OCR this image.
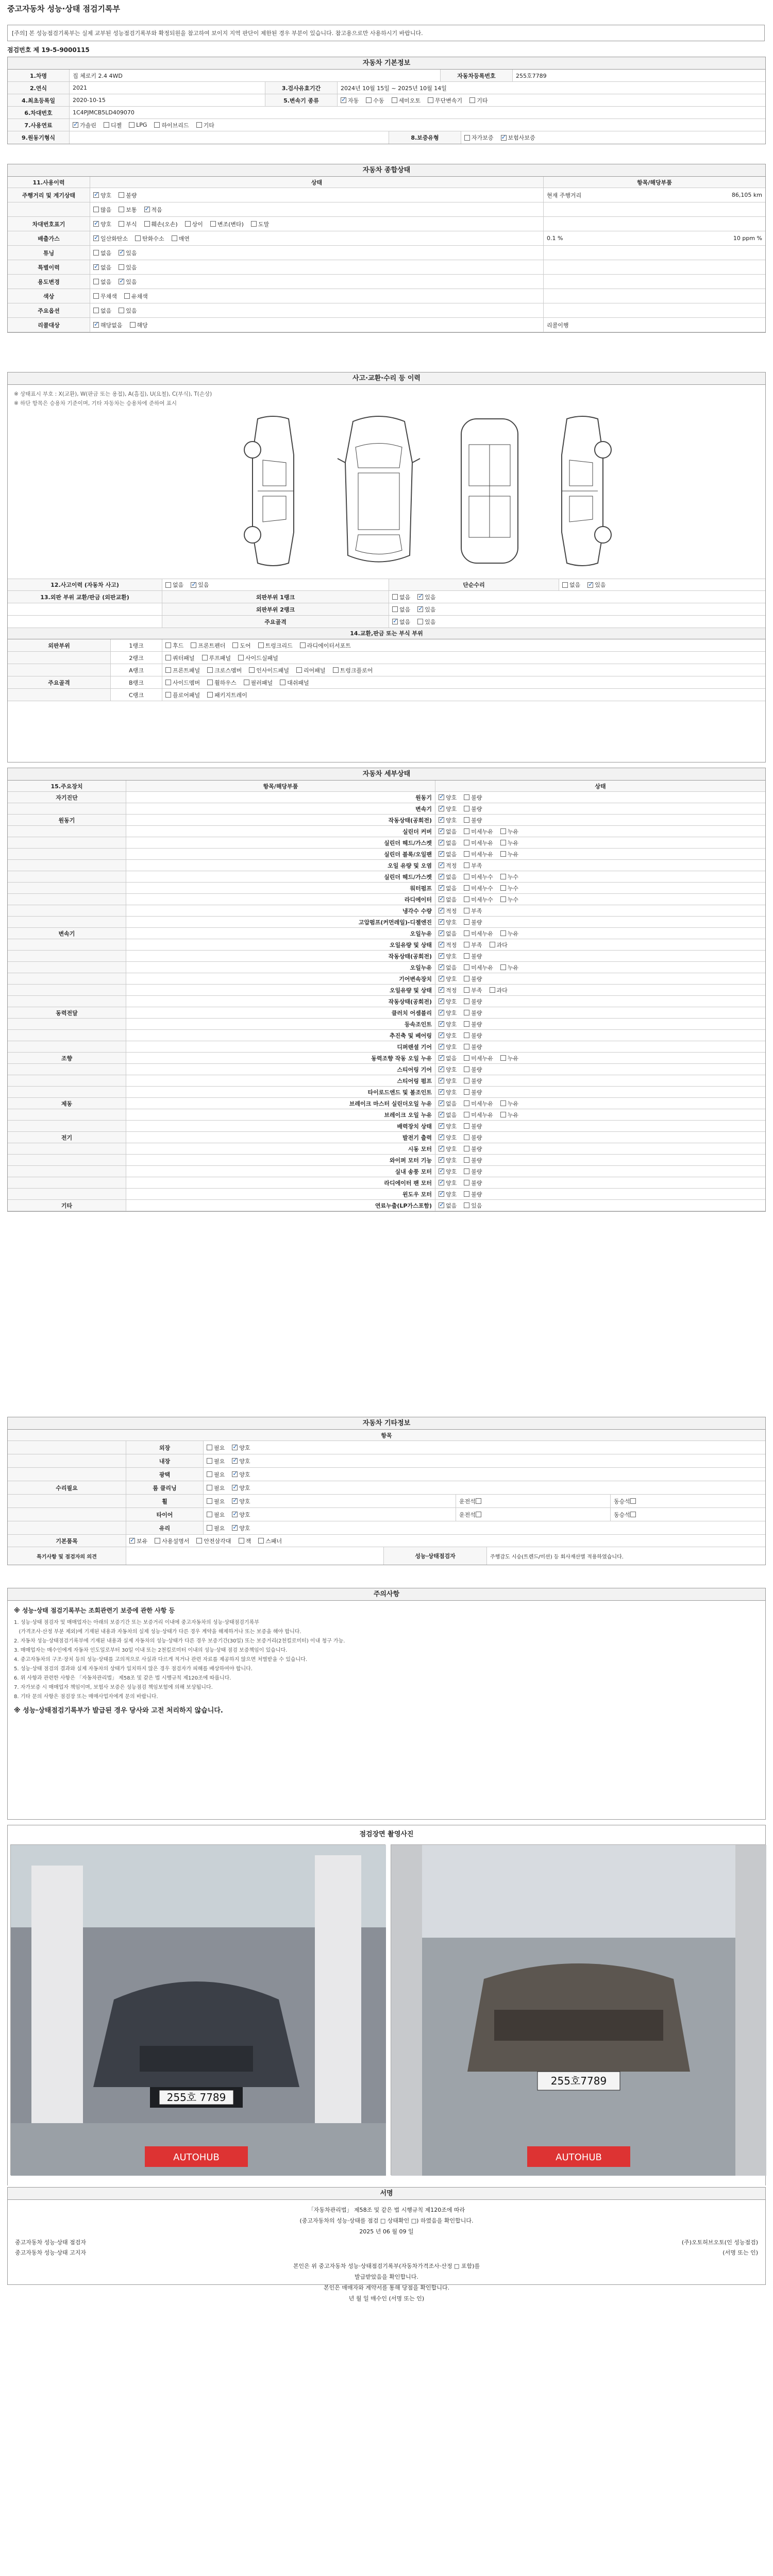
중고자동차 성능·상태 점검기록부
[주의] 본 성능점검기록부는 실제 교부된 성능점검기록부와 확정되원을 참고하여 보이지 지역 판단이 제한된 경우 부분이 있습니다. 참고용으로만 사용하시기 바랍니다.
점검번호 제 19-5-9000115
자동차 기본정보
1.차명	집 체로키 2.4 4WD	자동차등록번호	255호7789
2.연식	2021	3.검사유효기간	2024년 10월 15일 ~ 2025년 10월 14일
4.최초등록일	2020-10-15	5.변속기 종류 ✓	자동	수동	세미오토	무단변속기	기타
6.차대번호	1C4PJMCB5LD409070
7.사용연료 ✓	가솔린	디젤	LPG	하이브리드	기타
9.원동기형식	8.보증유형	자가보증 ✓	보험사보증
자동차 종합상태
11.사용이력	상태	항목/해당부품
주행거리 및 계기상태 ✓	양호	불량	현재 주행거리	86,105 km
많음	보통 ✓	적음
차대번호표기 ✓	양호	부식	훼손(오손)	상이	변조(변타)	도말
배출가스 ✓	일산화탄소	탄화수소	매연	0.1 %	10 ppm %
튜닝	없음 ✓	있음
특별이력 ✓	없음	있음
용도변경	없음 ✓	있음
색상	무채색	유채색
주요옵션	없음	있음
리콜대상 ✓	해당없음	해당	리콜이행
사고·교환·수리 등 이력
※ 상태표시 부호 : X(교환), W(판금 또는 용접), A(흠집), U(요철), C(부식), T(손상)
※ 하단 항목은 승용차 기준이며, 기타 자동차는 승용차에 준하여 표시
12.사고이력 (자동차 사고)	없음 ✓	있음	단순수리	없음 ✓	있음
13.외판 부위 교환/판금 (외판교환)	외판부위 1랭크	없음 ✓	있음
외판부위 2랭크	없음 ✓	있음
주요골격 ✓	없음	있음
14.교환,판금 또는 부식 부위
외판부위	1랭크	후드	프론트펜더	도어	트렁크리드	라디에이터서포트
2랭크	쿼터패널	루프패널	사이드실패널
A랭크	프론트패널	크로스멤버	인사이드패널	리어패널	트렁크플로어
주요골격	B랭크	사이드멤버	휠하우스	필러패널	대쉬패널
C랭크	플로어패널	패키지트레이
자동차 세부상태
15.주요장치	항목/해당부품	상태
자기진단	원동기 ✓	양호	불량
변속기 ✓	양호	불량
원동기	작동상태(공회전) ✓	양호	불량
실린더 커버 ✓	없음	미세누유	누유
실린더 헤드/가스켓 ✓	없음	미세누유	누유
실린더 블록/오일팬 ✓	없음	미세누유	누유
오일 유량 및 오염 ✓	적정	부족
실린더 헤드/가스켓 ✓	없음	미세누수	누수
워터펌프 ✓	없음	미세누수	누수
라디에이터 ✓	없음	미세누수	누수
냉각수 수량 ✓	적정	부족
고압펌프(커먼레일)-디젤엔진 ✓	양호	불량
변속기	오일누유 ✓	없음	미세누유	누유
오일유량 및 상태 ✓	적정	부족	과다
작동상태(공회전) ✓	양호	불량
오일누유 ✓	없음	미세누유	누유
기어변속장치 ✓	양호	불량
오일유량 및 상태 ✓	적정	부족	과다
작동상태(공회전) ✓	양호	불량
동력전달	클러치 어셈블리 ✓	양호	불량
등속조인트 ✓	양호	불량
추진축 및 베어링 ✓	양호	불량
디퍼렌셜 기어 ✓	양호	불량
조향	동력조향 작동 오일 누유 ✓	없음	미세누유	누유
스티어링 기어 ✓	양호	불량
스티어링 펌프 ✓	양호	불량
타이로드엔드 및 볼조인트 ✓	양호	불량
제동	브레이크 마스터 실린더오일 누유 ✓	없음	미세누유	누유
브레이크 오일 누유 ✓	없음	미세누유	누유
배력장치 상태 ✓	양호	불량
전기	발전기 출력 ✓	양호	불량
시동 모터 ✓	양호	불량
와이퍼 모터 기능 ✓	양호	불량
실내 송풍 모터 ✓	양호	불량
라디에이터 팬 모터 ✓	양호	불량
윈도우 모터 ✓	양호	불량
기타	연료누출(LP가스포함) ✓	없음	있음
자동차 기타정보
항목
외장	필요 ✓	양호
내장	필요 ✓	양호
광택	필요 ✓	양호
수리필요	룸 클리닝	필요 ✓	양호
휠	필요 ✓	양호	운전석	동승석
타이어	필요 ✓	양호	운전석	동승석
유리	필요 ✓	양호
기본품목 ✓	보유	사용설명서	안전삼각대	잭	스패너
특기사항 및 점검자의 의견	성능·상태점검자	주행감도 시승(트렌드/미션) 등 회사재산별 적용하였습니다.
주의사항
※ 성능·상태 점검기록부는 조회관련기 보증에 관한 사항 등
1. 성능·상태 점검자 및 매매업자는 아래의 보증기간 또는 보증거리 이내에 중고자동차의 성능·상태점검기록부
(가격조사·산정 부분 제외)에 기재된 내용과 자동차의 실제 성능·상태가 다른 경우 계약을 해제하거나 또는 보증을 해야 합니다.
2. 자동차 성능·상태점검기록부에 기재된 내용과 실제 자동차의 성능·상태가 다른 경우 보증기간(30일) 또는 보증거리(2천킬로미터) 이내 청구 가능.
3. 매매업자는 매수인에게 자동차 인도일로부터 30일 이내 또는 2천킬로미터 이내의 성능·상태 점검 보증책임이 있습니다.
4. 중고자동차의 구조·장치 등의 성능·상태를 고의적으로 사실과 다르게 적거나 관련 자료를 제공하지 않으면 처벌받을 수 있습니다.
5. 성능·상태 점검의 결과와 실제 자동차의 상태가 일치하지 않은 경우 점검자가 피해를 배상하여야 합니다.
6. 위 사항과 관련한 사항은 「자동차관리법」 제58조 및 같은 법 시행규칙 제120조에 따릅니다.
7. 자가보증 시 매매업자 책임이며, 보험사 보증은 성능점검 책임보험에 의해 보상됩니다.
8. 기타 문의 사항은 점검장 또는 매매사업자에게 문의 바랍니다.
※ 성능·상태점검기록부가 발급된 경우 당사와 고전 처리하지 않습니다.
점검장면 촬영사진
255호 7789
AUTOHUB
255호7789
AUTOHUB
서명
「자동차관리법」 제58조 및 같은 법 시행규칙 제120조에 따라
(중고자동차의 성능·상태를 점검 □ 상태확인 □) 하였음을 확인합니다.
2025 년 06 월 09 일
중고자동차 성능·상태 점검자	(주)오토허브오토(인 성능점검)
중고자동차 성능·상태 고지자	(서명 또는 인)
본인은 위 중고자동차 성능·상태점검기록부(자동차가격조사·산정 □ 포함)를
발급받았음을 확인합니다.
본인은 매매자와 계약서를 통해 당점을 확인합니다.
년 월 일 매수인 (서명 또는 인)
